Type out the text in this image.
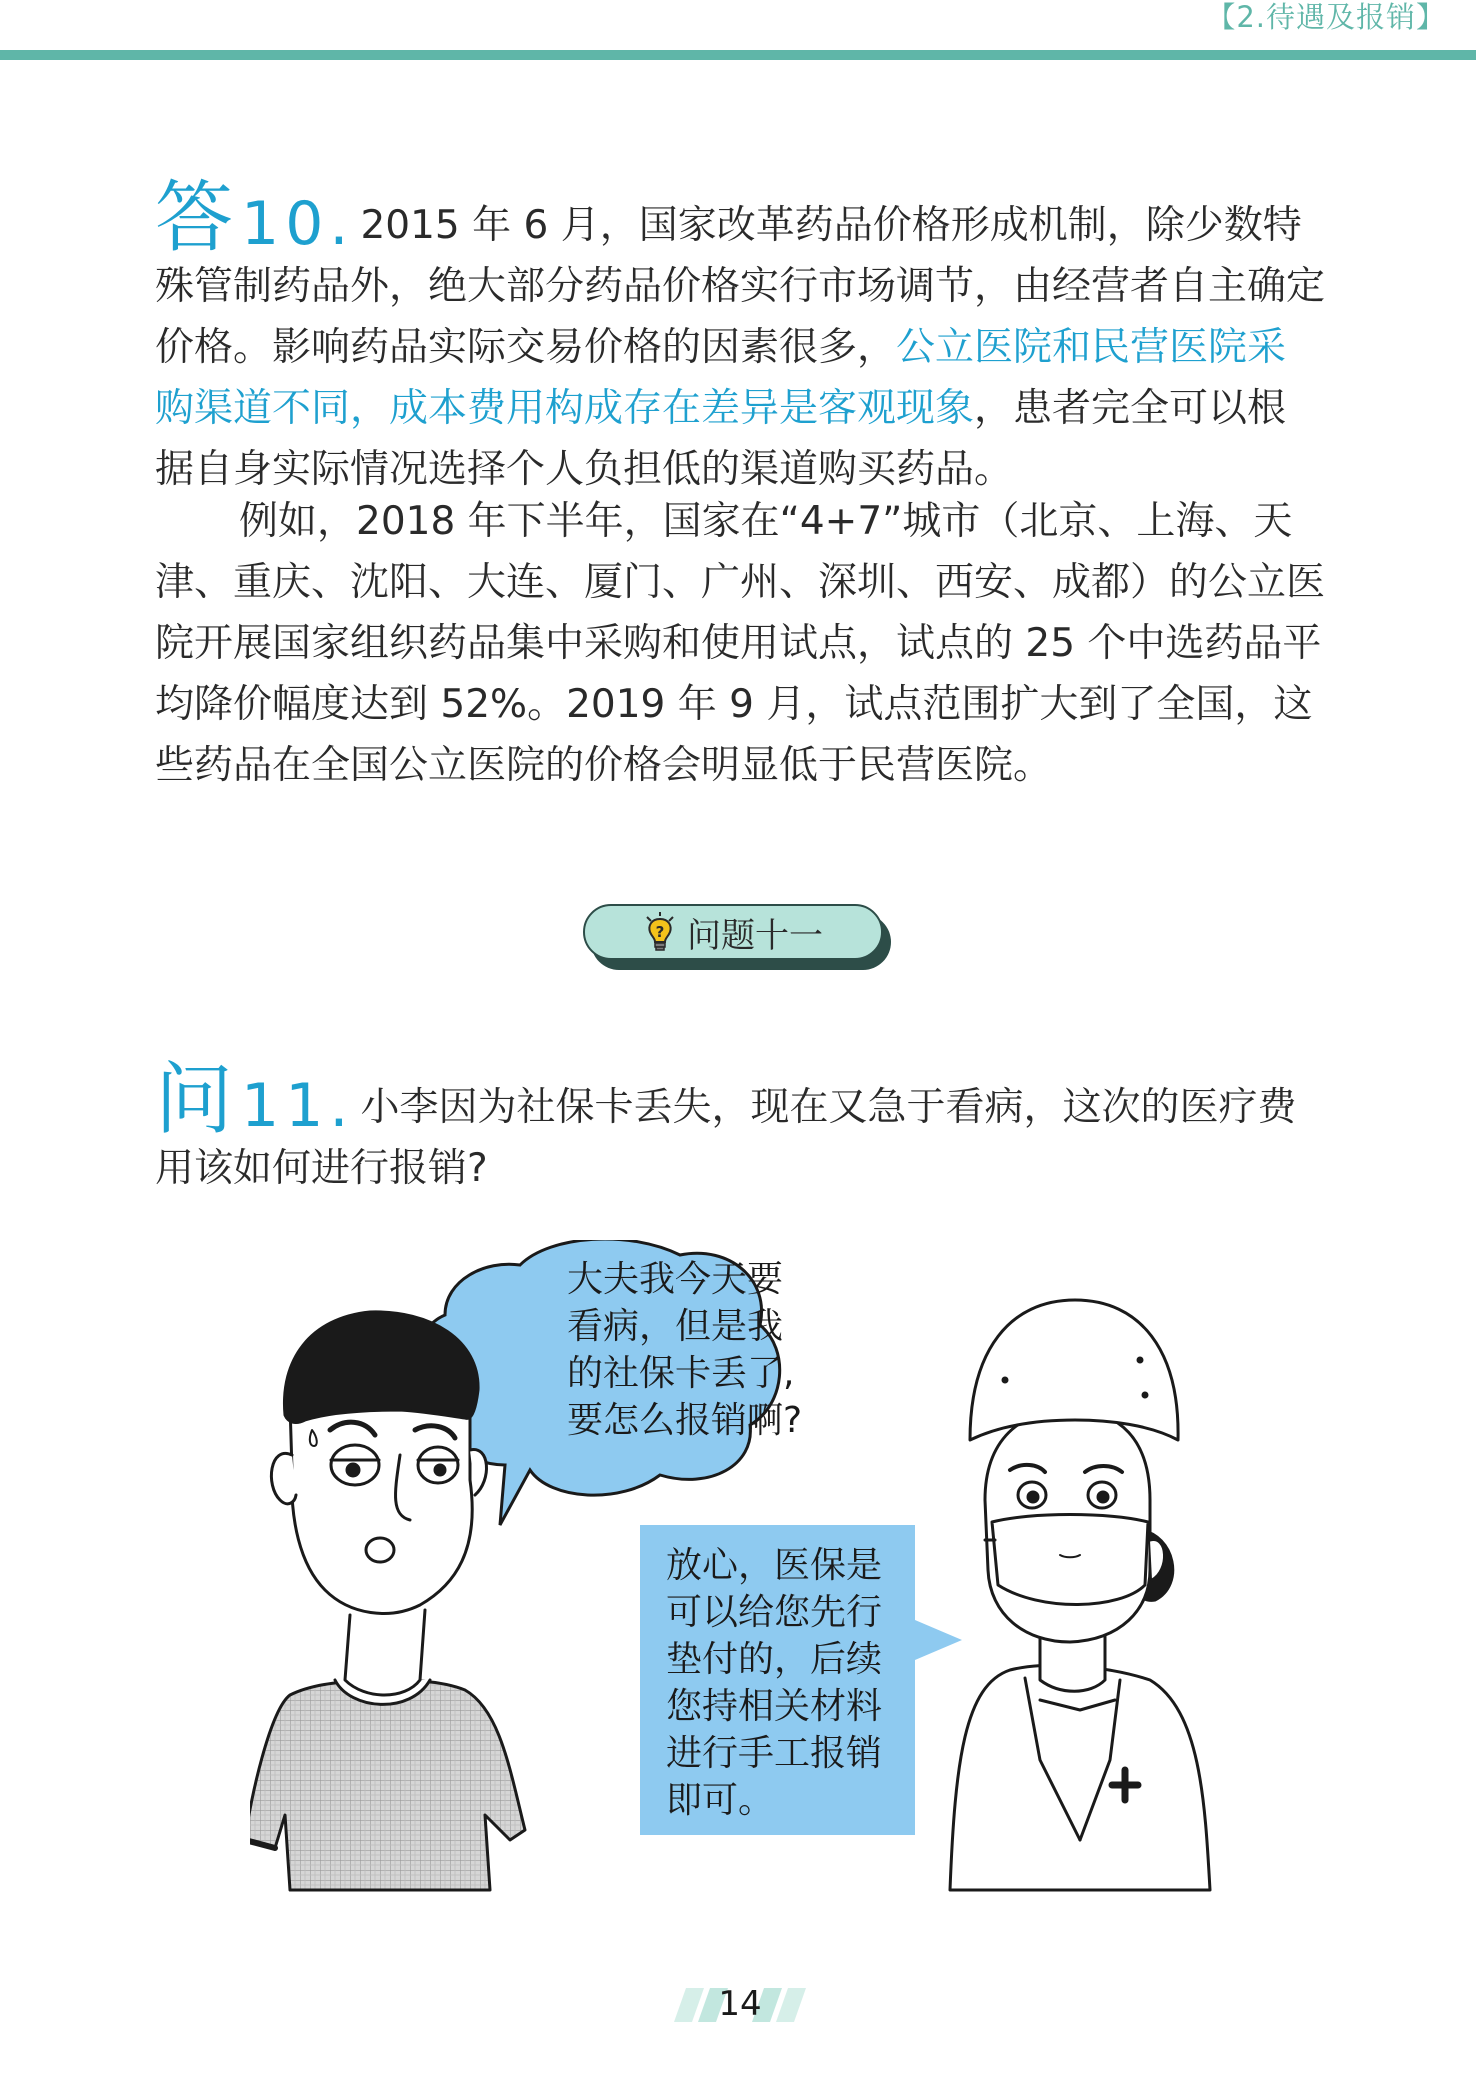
【2.待遇及报销】

答 10. 2015 年 6 月，国家改革药品价格形成机制，除少数特殊管制药品外，绝大部分药品价格实行市场调节，由经营者自主确定价格。影响药品实际交易价格的因素很多，公立医院和民营医院采购渠道不同，成本费用构成存在差异是客观现象，患者完全可以根据自身实际情况选择个人负担低的渠道购买药品。

例如，2018 年下半年，国家在“4+7”城市（北京、上海、天津、重庆、沈阳、大连、厦门、广州、深圳、西安、成都）的公立医院开展国家组织药品集中采购和使用试点，试点的 25 个中选药品平均降价幅度达到 52%。2019 年 9 月，试点范围扩大到了全国，这些药品在全国公立医院的价格会明显低于民营医院。

? 问题十一

问 11. 小李因为社保卡丢失，现在又急于看病，这次的医疗费用该如何进行报销?

大夫我今天要
看病，但是我
的社保卡丢了,
要怎么报销啊?
放心，医保是
可以给您先行
垫付的，后续
您持相关材料
进行手工报销
即可。
14
